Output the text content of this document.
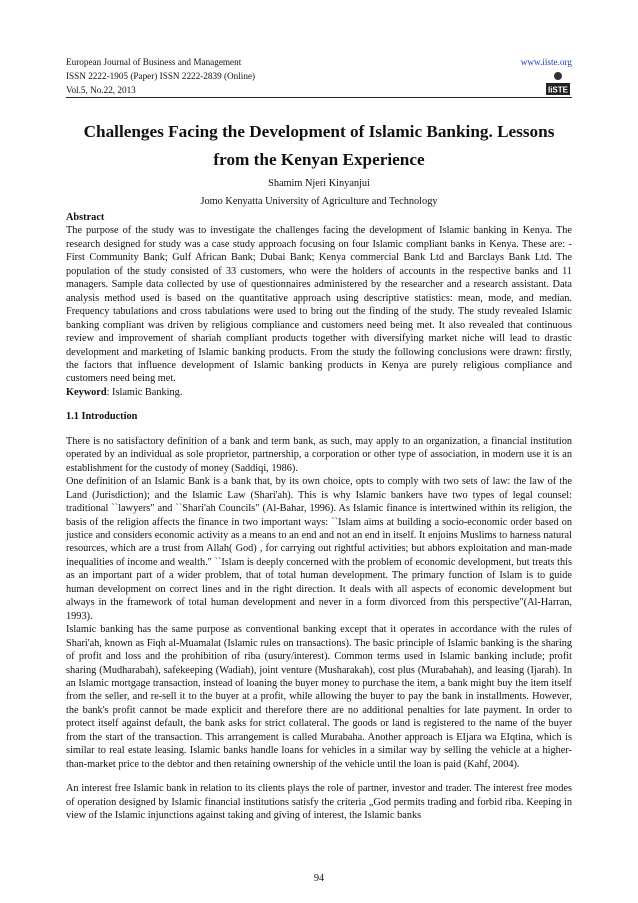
European Journal of Business and Management
ISSN 2222-1905 (Paper) ISSN 2222-2839 (Online)
Vol.5, No.22, 2013
www.iiste.org
IiSTE
Challenges Facing the Development of Islamic Banking. Lessons from the Kenyan Experience
Shamim Njeri Kinyanjui
Jomo Kenyatta University of Agriculture and Technology
Abstract

The purpose of the study was to investigate the challenges facing the development of Islamic banking in Kenya. The research designed for study was a case study approach focusing on four Islamic compliant banks in Kenya. These are: - First Community Bank; Gulf African Bank; Dubai Bank; Kenya commercial Bank Ltd and Barclays Bank Ltd. The population of the study consisted of 33 customers, who were the holders of accounts in the respective banks and 11 managers. Sample data collected by use of questionnaires administered by the researcher and a research assistant. Data analysis method used is based on the quantitative approach using descriptive statistics: mean, mode, and median. Frequency tabulations and cross tabulations were used to bring out the finding of the study. The study revealed Islamic banking compliant was driven by religious compliance and customers need being met. It also revealed that continuous review and improvement of shariah compliant products together with diversifying market niche will lead to drastic development and marketing of Islamic banking products. From the study the following conclusions were drawn: firstly, the factors that influence development of Islamic banking products in Kenya are purely religious compliance and customers need being met.

Keyword: Islamic Banking.

1.1 Introduction

There is no satisfactory definition of a bank and term bank, as such, may apply to an organization, a financial institution operated by an individual as sole proprietor, partnership, a corporation or other type of association, in modern use it is an establishment for the custody of money (Saddiqi, 1986).

One definition of an Islamic Bank is a bank that, by its own choice, opts to comply with two sets of law: the law of the Land (Jurisdiction); and the Islamic Law (Shari'ah). This is why Islamic bankers have two types of legal counsel: traditional ``lawyers" and ``Shari'ah Councils" (Al-Bahar, 1996). As Islamic finance is intertwined within its religion, the basis of the religion affects the finance in two important ways: ``Islam aims at building a socio-economic order based on justice and considers economic activity as a means to an end and not an end in itself. It enjoins Muslims to harness natural resources, which are a trust from Allah( God) , for carrying out rightful activities; but abhors exploitation and man-made inequalities of income and wealth." ``Islam is deeply concerned with the problem of economic development, but treats this as an important part of a wider problem, that of total human development. The primary function of Islam is to guide human development on correct lines and in the right direction. It deals with all aspects of economic development but always in the framework of total human development and never in a form divorced from this perspective"(Al-Harran, 1993).

Islamic banking has the same purpose as conventional banking except that it operates in accordance with the rules of Shari'ah, known as Fiqh al-Muamalat (Islamic rules on transactions). The basic principle of Islamic banking is the sharing of profit and loss and the prohibition of riba (usury/interest). Common terms used in Islamic banking include; profit sharing (Mudharabah), safekeeping (Wadiah), joint venture (Musharakah), cost plus (Murabahah), and leasing (Ijarah). In an Islamic mortgage transaction, instead of loaning the buyer money to purchase the item, a bank might buy the item itself from the seller, and re-sell it to the buyer at a profit, while allowing the buyer to pay the bank in installments. However, the bank's profit cannot be made explicit and therefore there are no additional penalties for late payment. In order to protect itself against default, the bank asks for strict collateral. The goods or land is registered to the name of the buyer from the start of the transaction. This arrangement is called Murabaha. Another approach is EIjara wa EIqtina, which is similar to real estate leasing. Islamic banks handle loans for vehicles in a similar way by selling the vehicle at a higher-than-market price to the debtor and then retaining ownership of the vehicle until the loan is paid (Kahf, 2004).

An interest free Islamic bank in relation to its clients plays the role of partner, investor and trader. The interest free modes of operation designed by Islamic financial institutions satisfy the criteria „God permits trading and forbid riba. Keeping in view of the Islamic injunctions against taking and giving of interest, the Islamic banks

94
